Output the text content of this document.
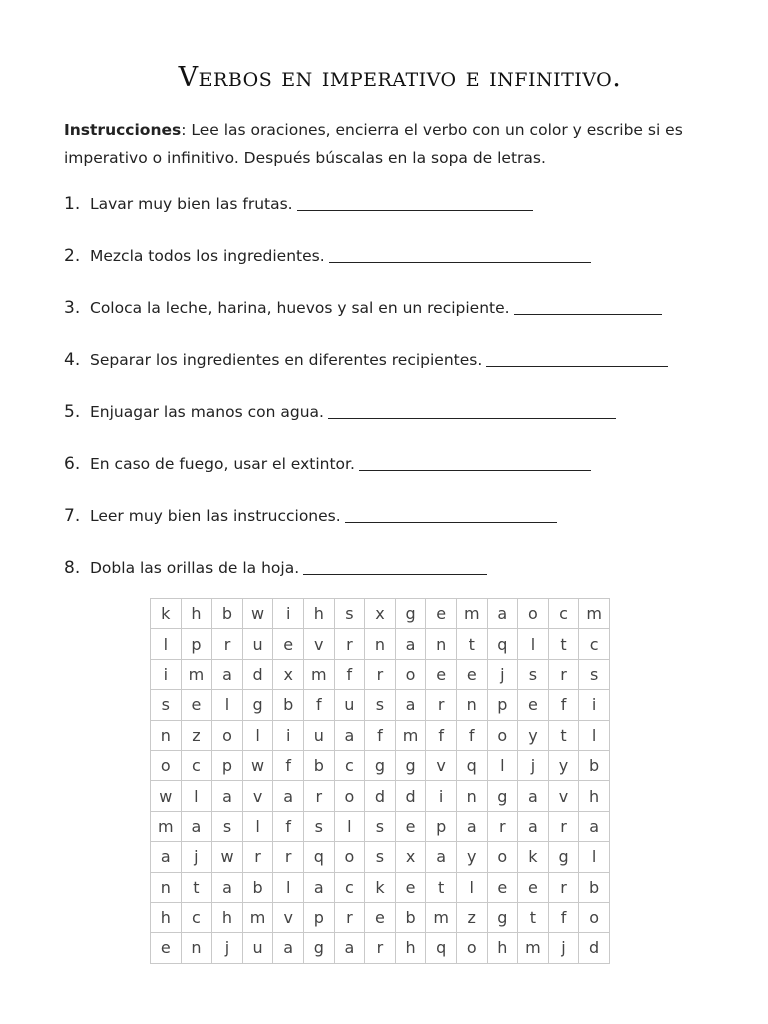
Verbos en imperativo e infinitivo.
Instrucciones: Lee las oraciones, encierra el verbo con un color y escribe si es imperativo o infinitivo. Después búscalas en la sopa de letras.
1. Lavar muy bien las frutas.
2. Mezcla todos los ingredientes.
3. Coloca la leche, harina, huevos y sal en un recipiente.
4. Separar los ingredientes en diferentes recipientes.
5. Enjuagar las manos con agua.
6. En caso de fuego, usar el extintor.
7. Leer muy bien las instrucciones.
8. Dobla las orillas de la hoja.
k	h	b	w	i	h	s	x	g	e	m	a	o	c	m
l	p	r	u	e	v	r	n	a	n	t	q	l	t	c
i	m	a	d	x	m	f	r	o	e	e	j	s	r	s
s	e	l	g	b	f	u	s	a	r	n	p	e	f	i
n	z	o	l	i	u	a	f	m	f	f	o	y	t	l
o	c	p	w	f	b	c	g	g	v	q	l	j	y	b
w	l	a	v	a	r	o	d	d	i	n	g	a	v	h
m	a	s	l	f	s	l	s	e	p	a	r	a	r	a
a	j	w	r	r	q	o	s	x	a	y	o	k	g	l
n	t	a	b	l	a	c	k	e	t	l	e	e	r	b
h	c	h	m	v	p	r	e	b	m	z	g	t	f	o
e	n	j	u	a	g	a	r	h	q	o	h	m	j	d
